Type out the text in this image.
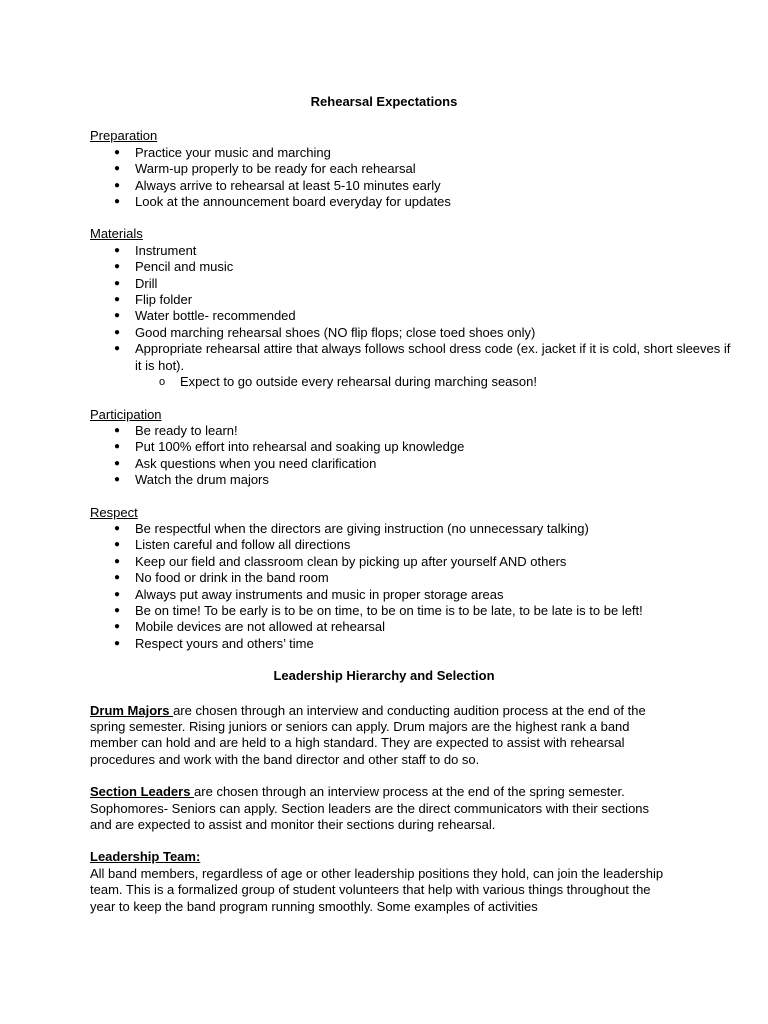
Rehearsal Expectations
Preparation
● Practice your music and marching
● Warm-up properly to be ready for each rehearsal
● Always arrive to rehearsal at least 5-10 minutes early
● Look at the announcement board everyday for updates
Materials
● Instrument
● Pencil and music
● Drill
● Flip folder
● Water bottle- recommended
● Good marching rehearsal shoes (NO flip flops; close toed shoes only)
● Appropriate rehearsal attire that always follows school dress code (ex. jacket if it is cold, short sleeves if it is hot).
o Expect to go outside every rehearsal during marching season!
Participation
● Be ready to learn!
● Put 100% effort into rehearsal and soaking up knowledge
● Ask questions when you need clarification
● Watch the drum majors
Respect
● Be respectful when the directors are giving instruction (no unnecessary talking)
● Listen careful and follow all directions
● Keep our field and classroom clean by picking up after yourself AND others
● No food or drink in the band room
● Always put away instruments and music in proper storage areas
● Be on time! To be early is to be on time, to be on time is to be late, to be late is to be left!
● Mobile devices are not allowed at rehearsal
● Respect yours and others’ time
Leadership Hierarchy and Selection
Drum Majors are chosen through an interview and conducting audition process at the end of the spring semester. Rising juniors or seniors can apply. Drum majors are the highest rank a band member can hold and are held to a high standard. They are expected to assist with rehearsal procedures and work with the band director and other staff to do so.
Section Leaders are chosen through an interview process at the end of the spring semester. Sophomores- Seniors can apply. Section leaders are the direct communicators with their sections and are expected to assist and monitor their sections during rehearsal.
Leadership Team:
All band members, regardless of age or other leadership positions they hold, can join the leadership team. This is a formalized group of student volunteers that help with various things throughout the year to keep the band program running smoothly. Some examples of activities
